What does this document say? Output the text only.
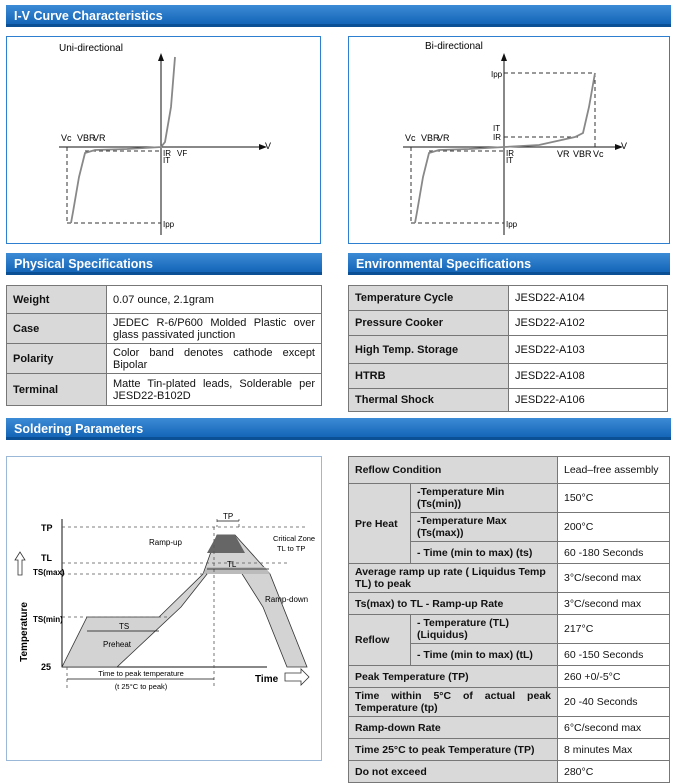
I-V Curve Characteristics
Uni-directional
Vc VBR
VR
V
IR VF
IT
Ipp
Bi-directional
Vc VBR
VR
V
Ipp
IT
IR
IR
IT
Ipp
VR VBR Vc
Physical Specifications
Weight	0.07 ounce, 2.1gram
Case	JEDEC R-6/P600 Molded Plastic over glass passivated junction
Polarity	Color band denotes cathode except Bipolar
Terminal	Matte Tin-plated leads, Solderable per JESD22-B102D
Environmental Specifications
Temperature Cycle	JESD22-A104
Pressure Cooker	JESD22-A102
High Temp. Storage	JESD22-A103
HTRB	JESD22-A108
Thermal Shock	JESD22-A106
Soldering Parameters
Temperature
TP
TL
TS(max)
TS(min)
25
TP
TL
TS
Ramp-up
Ramp-down
Preheat
Critical Zone
TL to TP
Time to peak temperature
(t 25°C to peak)
Time
Reflow Condition		Lead–free assembly
Pre Heat	-Temperature Min (Ts(min))	150°C
	-Temperature Max (Ts(max))	200°C
	- Time (min to max) (ts)	60 -180 Seconds
Average ramp up rate ( Liquidus Temp TL) to peak		3°C/second max
Ts(max) to TL - Ramp-up Rate		3°C/second max
Reflow	- Temperature (TL) (Liquidus)	217°C
	- Time (min to max) (tL)	60 -150 Seconds
Peak Temperature (TP)		260 +0/-5°C
Time within 5°C of actual peak Temperature (tp)		20 -40 Seconds
Ramp-down Rate		6°C/second max
Time 25°C to peak Temperature (TP)		8 minutes Max
Do not exceed		280°C
